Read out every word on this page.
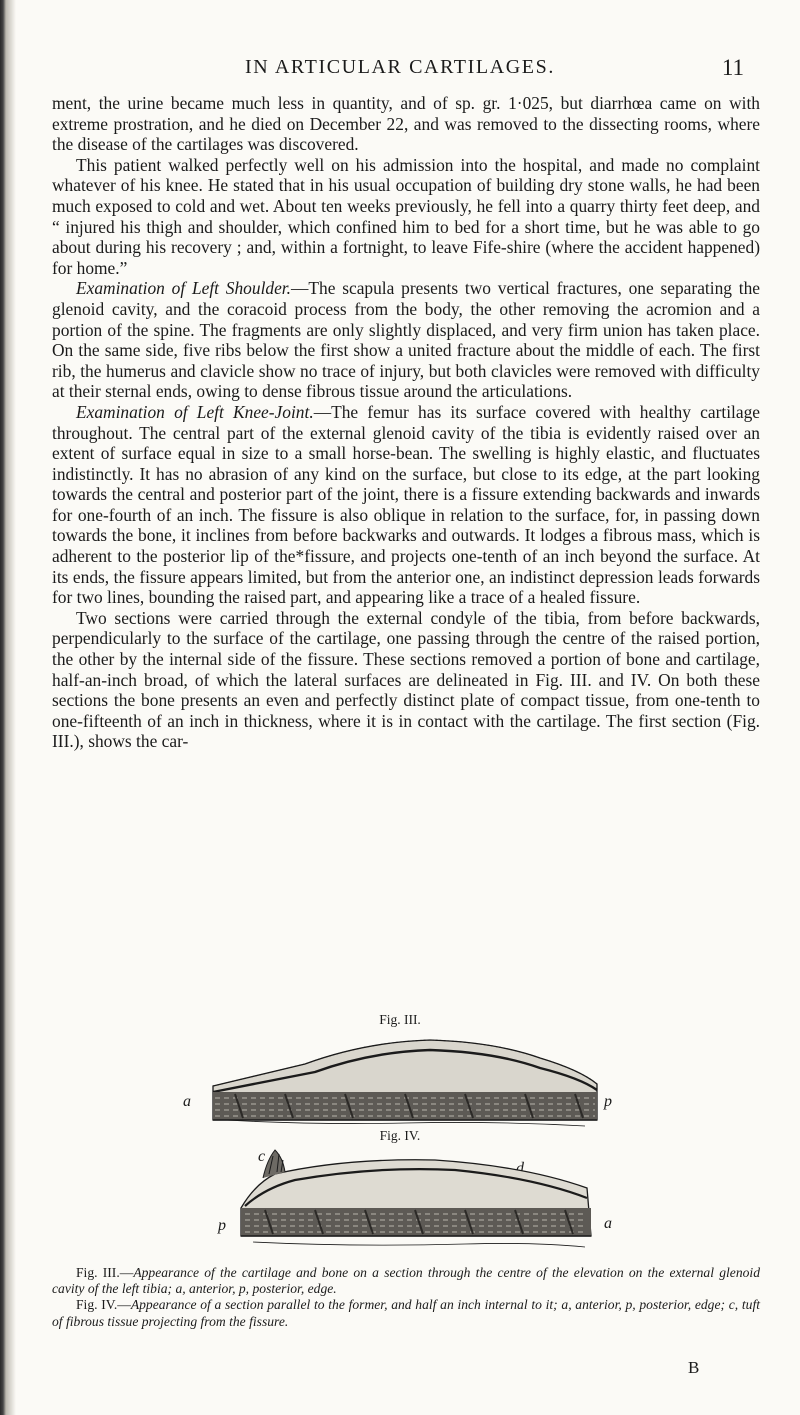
IN ARTICULAR CARTILAGES.	11

ment, the urine became much less in quantity, and of sp. gr. 1·025, but diarrhœa came on with extreme prostration, and he died on December 22, and was removed to the dissecting rooms, where the disease of the cartilages was discovered.

This patient walked perfectly well on his admission into the hospital, and made no complaint whatever of his knee. He stated that in his usual occupation of building dry stone walls, he had been much exposed to cold and wet. About ten weeks previously, he fell into a quarry thirty feet deep, and “ injured his thigh and shoulder, which confined him to bed for a short time, but he was able to go about during his recovery ; and, within a fortnight, to leave Fife-shire (where the accident happened) for home.”

Examination of Left Shoulder.—The scapula presents two vertical fractures, one separating the glenoid cavity, and the coracoid process from the body, the other removing the acromion and a portion of the spine. The fragments are only slightly displaced, and very firm union has taken place. On the same side, five ribs below the first show a united fracture about the middle of each. The first rib, the humerus and clavicle show no trace of injury, but both clavicles were removed with difficulty at their sternal ends, owing to dense fibrous tissue around the articulations.

Examination of Left Knee-Joint.—The femur has its surface covered with healthy cartilage throughout. The central part of the external glenoid cavity of the tibia is evidently raised over an extent of surface equal in size to a small horse-bean. The swelling is highly elastic, and fluctuates indistinctly. It has no abrasion of any kind on the surface, but close to its edge, at the part looking towards the central and posterior part of the joint, there is a fissure extending backwards and inwards for one-fourth of an inch. The fissure is also oblique in relation to the surface, for, in passing down towards the bone, it inclines from before backwarks and outwards. It lodges a fibrous mass, which is adherent to the posterior lip of the*fissure, and projects one-tenth of an inch beyond the surface. At its ends, the fissure appears limited, but from the anterior one, an indistinct depression leads forwards for two lines, bounding the raised part, and appearing like a trace of a healed fissure.

Two sections were carried through the external condyle of the tibia, from before backwards, perpendicularly to the surface of the cartilage, one passing through the centre of the raised portion, the other by the internal side of the fissure. These sections removed a portion of bone and cartilage, half-an-inch broad, of which the lateral surfaces are delineated in Fig. III. and IV. On both these sections the bone presents an even and perfectly distinct plate of compact tissue, from one-tenth to one-fifteenth of an inch in thickness, where it is in contact with the cartilage. The first section (Fig. III.), shows the car-

Fig. III.
a	p
Fig. IV.
c
d
p	a

Fig. III.—Appearance of the cartilage and bone on a section through the centre of the elevation on the external glenoid cavity of the left tibia; a, anterior, p, posterior, edge.

Fig. IV.—Appearance of a section parallel to the former, and half an inch internal to it; a, anterior, p, posterior, edge; c, tuft of fibrous tissue projecting from the fissure.

B
